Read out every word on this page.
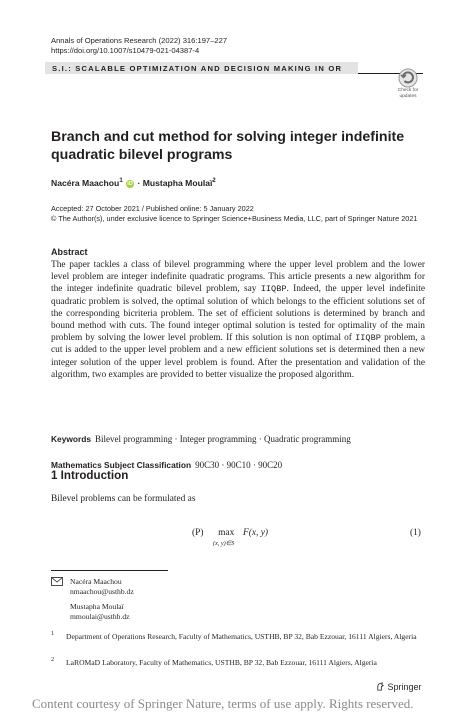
Annals of Operations Research (2022) 316:197–227
https://doi.org/10.1007/s10479-021-04387-4
S.I.: SCALABLE OPTIMIZATION AND DECISION MAKING IN OR
Check for updates
Branch and cut method for solving integer indefinite quadratic bilevel programs
Nacéra Maachou$^1$ iD · Mustapha Moulaï$^2$
Accepted: 27 October 2021 / Published online: 5 January 2022
© The Author(s), under exclusive licence to Springer Science+Business Media, LLC, part of Springer Nature 2021
Abstract
The paper tackles a class of bilevel programming where the upper level problem and the lower level problem are integer indefinite quadratic programs. This article presents a new algorithm for the integer indefinite quadratic bilevel problem, say IIQBP. Indeed, the upper level indefinite quadratic problem is solved, the optimal solution of which belongs to the efficient solutions set of the corresponding bicriteria problem. The set of efficient solutions is determined by branch and bound method with cuts. The found integer optimal solution is tested for optimality of the main problem by solving the lower level problem. If this solution is non optimal of IIQBP problem, a cut is added to the upper level problem and a new efficient solutions set is determined then a new integer solution of the upper level problem is found. After the presentation and validation of the algorithm, two examples are provided to better visualize the proposed algorithm.
Keywords Bilevel programming · Integer programming · Quadratic programming
Mathematics Subject Classification 90C30 · 90C10 · 90C20
1 Introduction
Bilevel problems can be formulated as
(P) max F(x, y)
(x, y)∈S
(1)
Nacéra Maachou
nmaachou@usthb.dz
Mustapha Moulaï
mmoulai@usthb.dz
1 Department of Operations Research, Faculty of Mathematics, USTHB, BP 32, Bab Ezzouar, 16111 Algiers, Algeria
2 LaROMaD Laboratory, Faculty of Mathematics, USTHB, BP 32, Bab Ezzouar, 16111 Algiers, Algeria
Springer
Content courtesy of Springer Nature, terms of use apply. Rights reserved.
